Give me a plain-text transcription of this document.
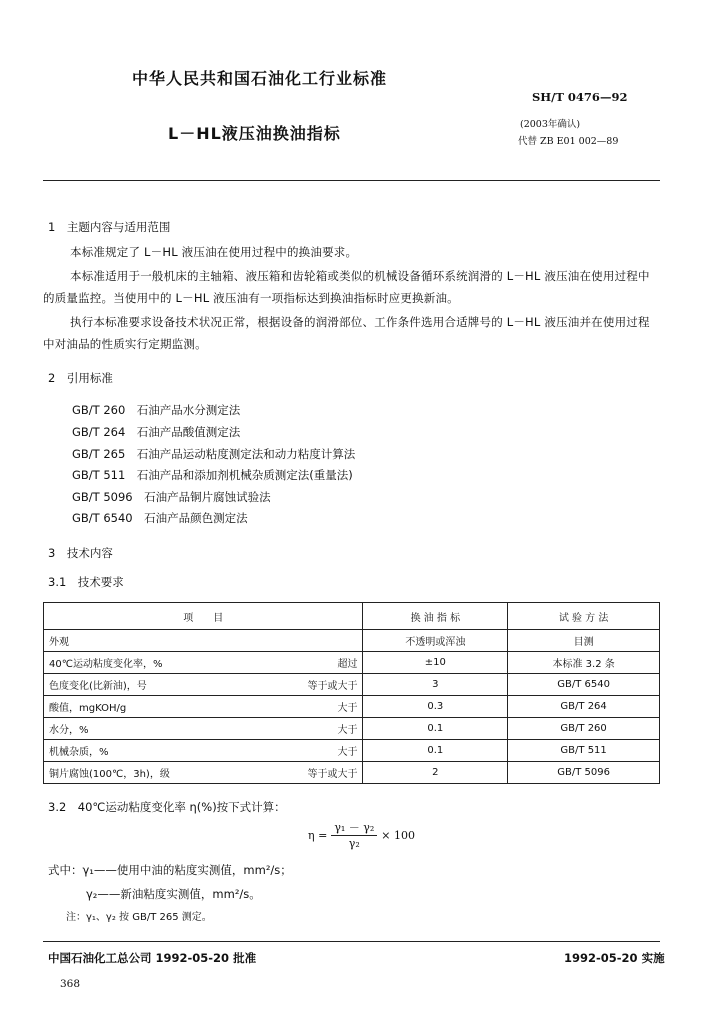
中华人民共和国石油化工行业标准
SH/T 0476—92
L－HL液压油换油指标	(2003年确认)
代替 ZB E01 002—89
1　主题内容与适用范围
本标准规定了 L－HL 液压油在使用过程中的换油要求。
本标准适用于一般机床的主轴箱、液压箱和齿轮箱或类似的机械设备循环系统润滑的 L－HL 液压油在使用过程中的质量监控。当使用中的 L－HL 液压油有一项指标达到换油指标时应更换新油。
执行本标准要求设备技术状况正常，根据设备的润滑部位、工作条件选用合适牌号的 L－HL 液压油并在使用过程中对油品的性质实行定期监测。
2　引用标准
GB/T 260　石油产品水分测定法
GB/T 264　石油产品酸值测定法
GB/T 265　石油产品运动粘度测定法和动力粘度计算法
GB/T 511　石油产品和添加剂机械杂质测定法(重量法)
GB/T 5096　石油产品铜片腐蚀试验法
GB/T 6540　石油产品颜色测定法
3　技术内容
3.1　技术要求
项　　目	换 油 指 标	试 验 方 法

外观	不透明或浑浊	目测

40℃运动粘度变化率，% 超过	±10	本标准 3.2 条

色度变化(比新油)，号 等于或大于	3	GB/T 6540

酸值，mgKOH/g 大于	0.3	GB/T 264

水分，% 大于	0.1	GB/T 260

机械杂质，% 大于	0.1	GB/T 511

铜片腐蚀(100℃，3h)，级 等于或大于	2	GB/T 5096
3.2　40℃运动粘度变化率 η(%)按下式计算：
$\eta = \frac{\text{γ₁ － γ₂}}{\text{γ₂}} \times 100$
式中：γ₁——使用中油的粘度实测值，mm²/s；
γ₂——新油粘度实测值，mm²/s。
注：γ₁、γ₂ 按 GB/T 265 测定。
中国石油化工总公司 1992-05-20 批准	1992-05-20 实施
368
